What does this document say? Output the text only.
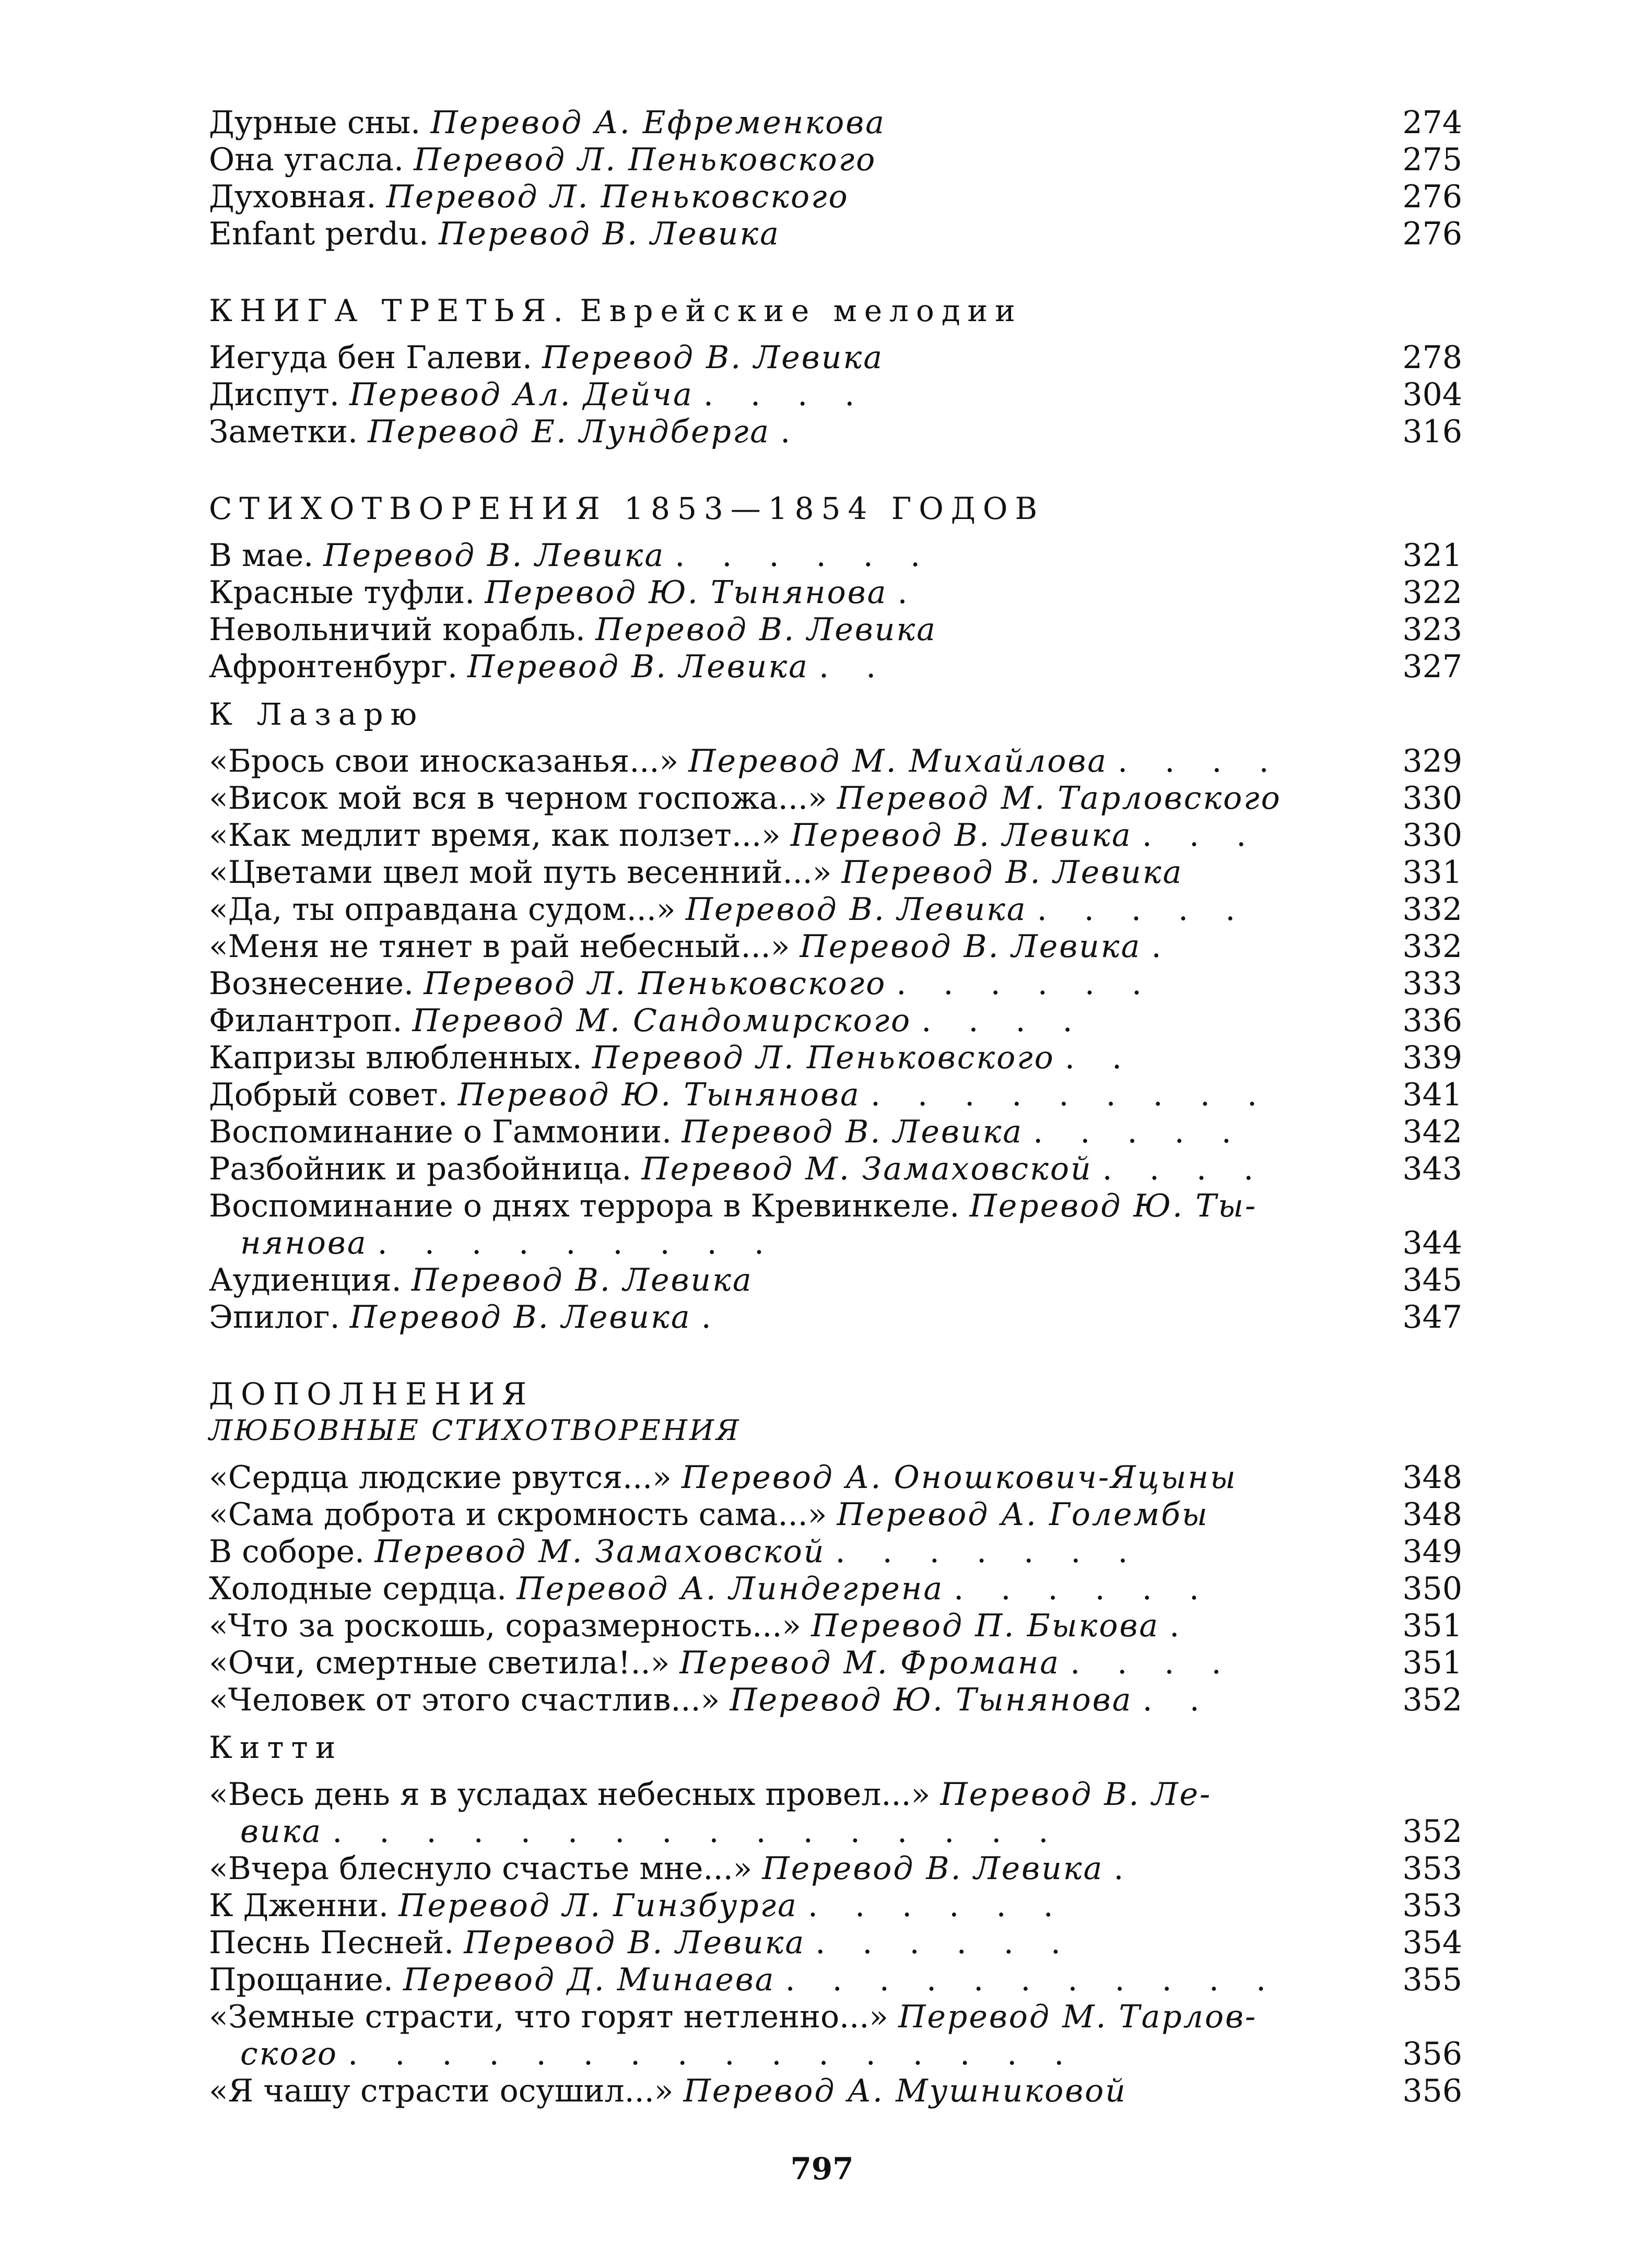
Дурные сны. Перевод А. Ефременкова	274
Она угасла. Перевод Л. Пеньковского	275
Духовная. Перевод Л. Пеньковского	276
Enfant perdu. Перевод В. Левика	276
КНИГА ТРЕТЬЯ. Еврейские мелодии
Иегуда бен Галеви. Перевод В. Левика	278
Диспут. Перевод Ал. Дейча . . . .	304
Заметки. Перевод Е. Лундберга .	316
СТИХОТВОРЕНИЯ 1853—1854 ГОДОВ
В мае. Перевод В. Левика . . . . . .	321
Красные туфли. Перевод Ю. Тынянова .	322
Невольничий корабль. Перевод В. Левика	323
Афронтенбург. Перевод В. Левика . .	327
К Лазарю
«Брось свои иносказанья...» Перевод М. Михайлова . . . .	329
«Висок мой вся в черном госпожа...» Перевод М. Тарловского	330
«Как медлит время, как ползет...» Перевод В. Левика . . .	330
«Цветами цвел мой путь весенний...» Перевод В. Левика	331
«Да, ты оправдана судом...» Перевод В. Левика . . . . .	332
«Меня не тянет в рай небесный...» Перевод В. Левика .	332
Вознесение. Перевод Л. Пеньковского . . . . . .	333
Филантроп. Перевод М. Сандомирского . . . .	336
Капризы влюбленных. Перевод Л. Пеньковского . .	339
Добрый совет. Перевод Ю. Тынянова . . . . . . . . .	341
Воспоминание о Гаммонии. Перевод В. Левика . . . . .	342
Разбойник и разбойница. Перевод М. Замаховской . . . .	343
Воспоминание о днях террора в Кревинкеле. Перевод Ю. Ты-
нянова . . . . . . . . .	344
Аудиенция. Перевод В. Левика	345
Эпилог. Перевод В. Левика .	347
ДОПОЛНЕНИЯ
ЛЮБОВНЫЕ СТИХОТВОРЕНИЯ
«Сердца людские рвутся...» Перевод А. Оношкович-Яцыны	348
«Сама доброта и скромность сама...» Перевод А. Голембы	348
В соборе. Перевод М. Замаховской . . . . . . .	349
Холодные сердца. Перевод А. Линдегрена . . . . . .	350
«Что за роскошь, соразмерность...» Перевод П. Быкова .	351
«Очи, смертные светила!..» Перевод М. Фромана . . . .	351
«Человек от этого счастлив...» Перевод Ю. Тынянова . .	352
Китти
«Весь день я в усладах небесных провел...» Перевод В. Ле-
вика . . . . . . . . . . . . . . . .	352
«Вчера блеснуло счастье мне...» Перевод В. Левика .	353
К Дженни. Перевод Л. Гинзбурга . . . . . .	353
Песнь Песней. Перевод В. Левика . . . . . .	354
Прощание. Перевод Д. Минаева . . . . . . . . . . .	355
«Земные страсти, что горят нетленно...» Перевод М. Тарлов-
ского . . . . . . . . . . . . . . . .	356
«Я чашу страсти осушил...» Перевод А. Мушниковой	356
797
